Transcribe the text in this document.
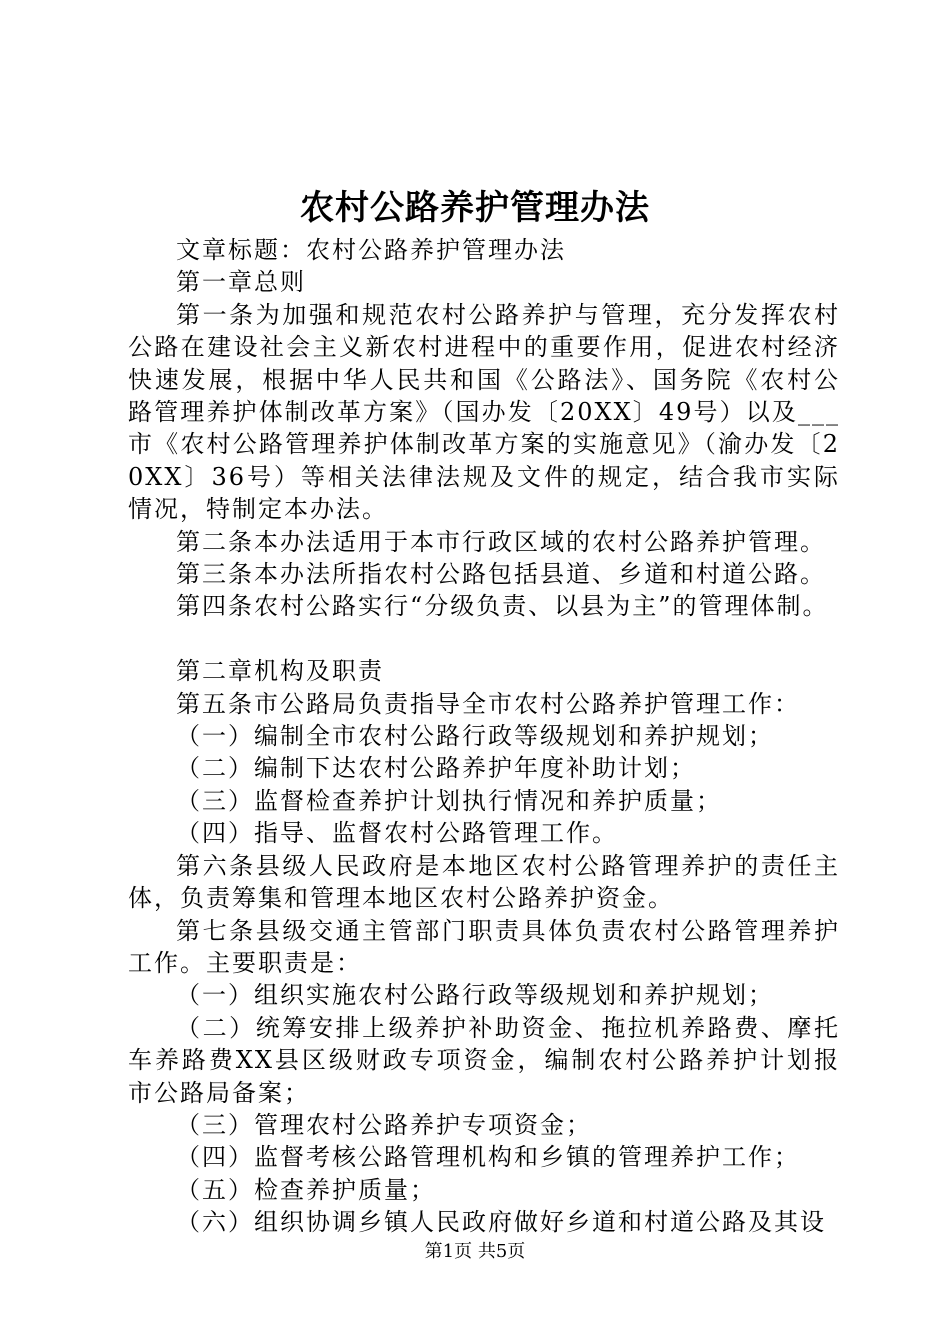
农村公路养护管理办法

文章标题：农村公路养护管理办法

第一章总则

第一条为加强和规范农村公路养护与管理，充分发挥农村公路在建设社会主义新农村进程中的重要作用，促进农村经济快速发展，根据中华人民共和国《公路法》、国务院《农村公路管理养护体制改革方案》（国办发〔20XX〕49号）以及___市《农村公路管理养护体制改革方案的实施意见》（渝办发〔20XX〕36号）等相关法律法规及文件的规定，结合我市实际情况，特制定本办法。

第二条本办法适用于本市行政区域的农村公路养护管理。

第三条本办法所指农村公路包括县道、乡道和村道公路。

第四条农村公路实行“分级负责、以县为主”的管理体制。

第二章机构及职责

第五条市公路局负责指导全市农村公路养护管理工作：

（一）编制全市农村公路行政等级规划和养护规划；

（二）编制下达农村公路养护年度补助计划；

（三）监督检查养护计划执行情况和养护质量；

（四）指导、监督农村公路管理工作。

第六条县级人民政府是本地区农村公路管理养护的责任主体，负责筹集和管理本地区农村公路养护资金。

第七条县级交通主管部门职责具体负责农村公路管理养护工作。主要职责是：

（一）组织实施农村公路行政等级规划和养护规划；

（二）统筹安排上级养护补助资金、拖拉机养路费、摩托车养路费XX县区级财政专项资金，编制农村公路养护计划报市公路局备案；

（三）管理农村公路养护专项资金；

（四）监督考核公路管理机构和乡镇的管理养护工作；

（五）检查养护质量；

（六）组织协调乡镇人民政府做好乡道和村道公路及其设

第1页 共5页
